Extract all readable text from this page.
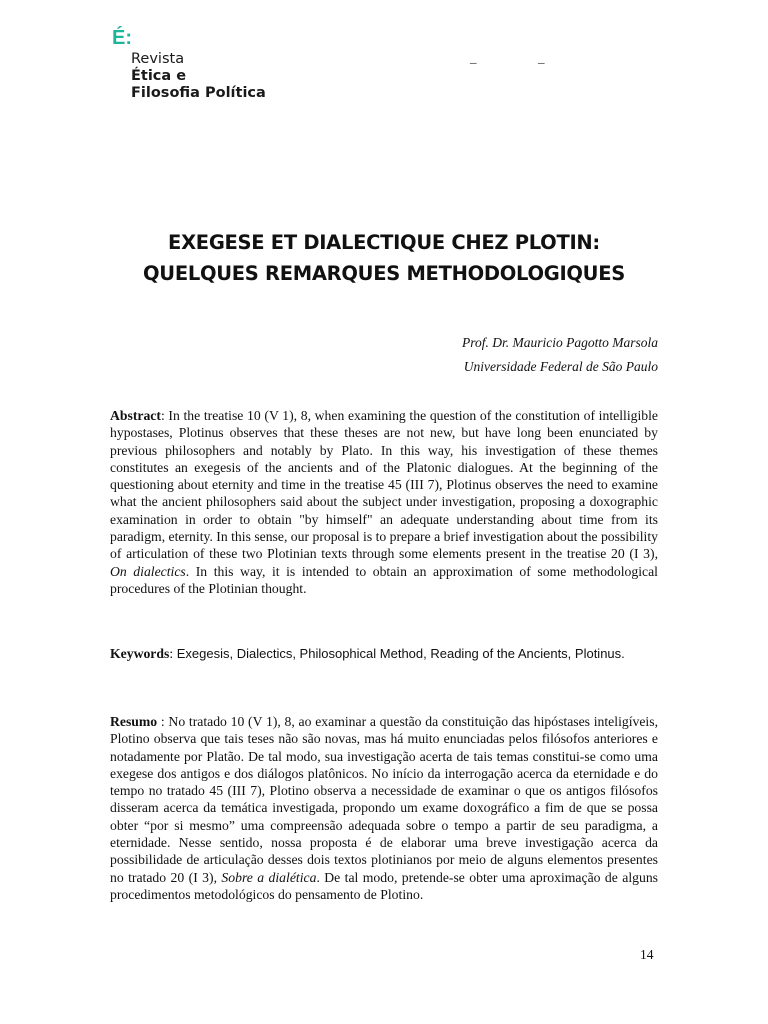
É:
Revista
Ética e
Filosofia Política
_	_
EXEGESE ET DIALECTIQUE CHEZ PLOTIN:
QUELQUES REMARQUES METHODOLOGIQUES
Prof. Dr. Mauricio Pagotto Marsola
Universidade Federal de São Paulo
Abstract: In the treatise 10 (V 1), 8, when examining the question of the constitution of intelligible hypostases, Plotinus observes that these theses are not new, but have long been enunciated by previous philosophers and notably by Plato. In this way, his investigation of these themes constitutes an exegesis of the ancients and of the Platonic dialogues. At the beginning of the questioning about eternity and time in the treatise 45 (III 7), Plotinus observes the need to examine what the ancient philosophers said about the subject under investigation, proposing a doxographic examination in order to obtain "by himself" an adequate understanding about time from its paradigm, eternity. In this sense, our proposal is to prepare a brief investigation about the possibility of articulation of these two Plotinian texts through some elements present in the treatise 20 (I 3), On dialectics. In this way, it is intended to obtain an approximation of some methodological procedures of the Plotinian thought.
Keywords: Exegesis, Dialectics, Philosophical Method, Reading of the Ancients, Plotinus.
Resumo : No tratado 10 (V 1), 8, ao examinar a questão da constituição das hipóstases inteligíveis, Plotino observa que tais teses não são novas, mas há muito enunciadas pelos filósofos anteriores e notadamente por Platão. De tal modo, sua investigação acerta de tais temas constitui-se como uma exegese dos antigos e dos diálogos platônicos. No início da interrogação acerca da eternidade e do tempo no tratado 45 (III 7), Plotino observa a necessidade de examinar o que os antigos filósofos disseram acerca da temática investigada, propondo um exame doxográfico a fim de que se possa obter “por si mesmo” uma compreensão adequada sobre o tempo a partir de seu paradigma, a eternidade. Nesse sentido, nossa proposta é de elaborar uma breve investigação acerca da possibilidade de articulação desses dois textos plotinianos por meio de alguns elementos presentes no tratado 20 (I 3), Sobre a dialética. De tal modo, pretende-se obter uma aproximação de alguns procedimentos metodológicos do pensamento de Plotino.
14
